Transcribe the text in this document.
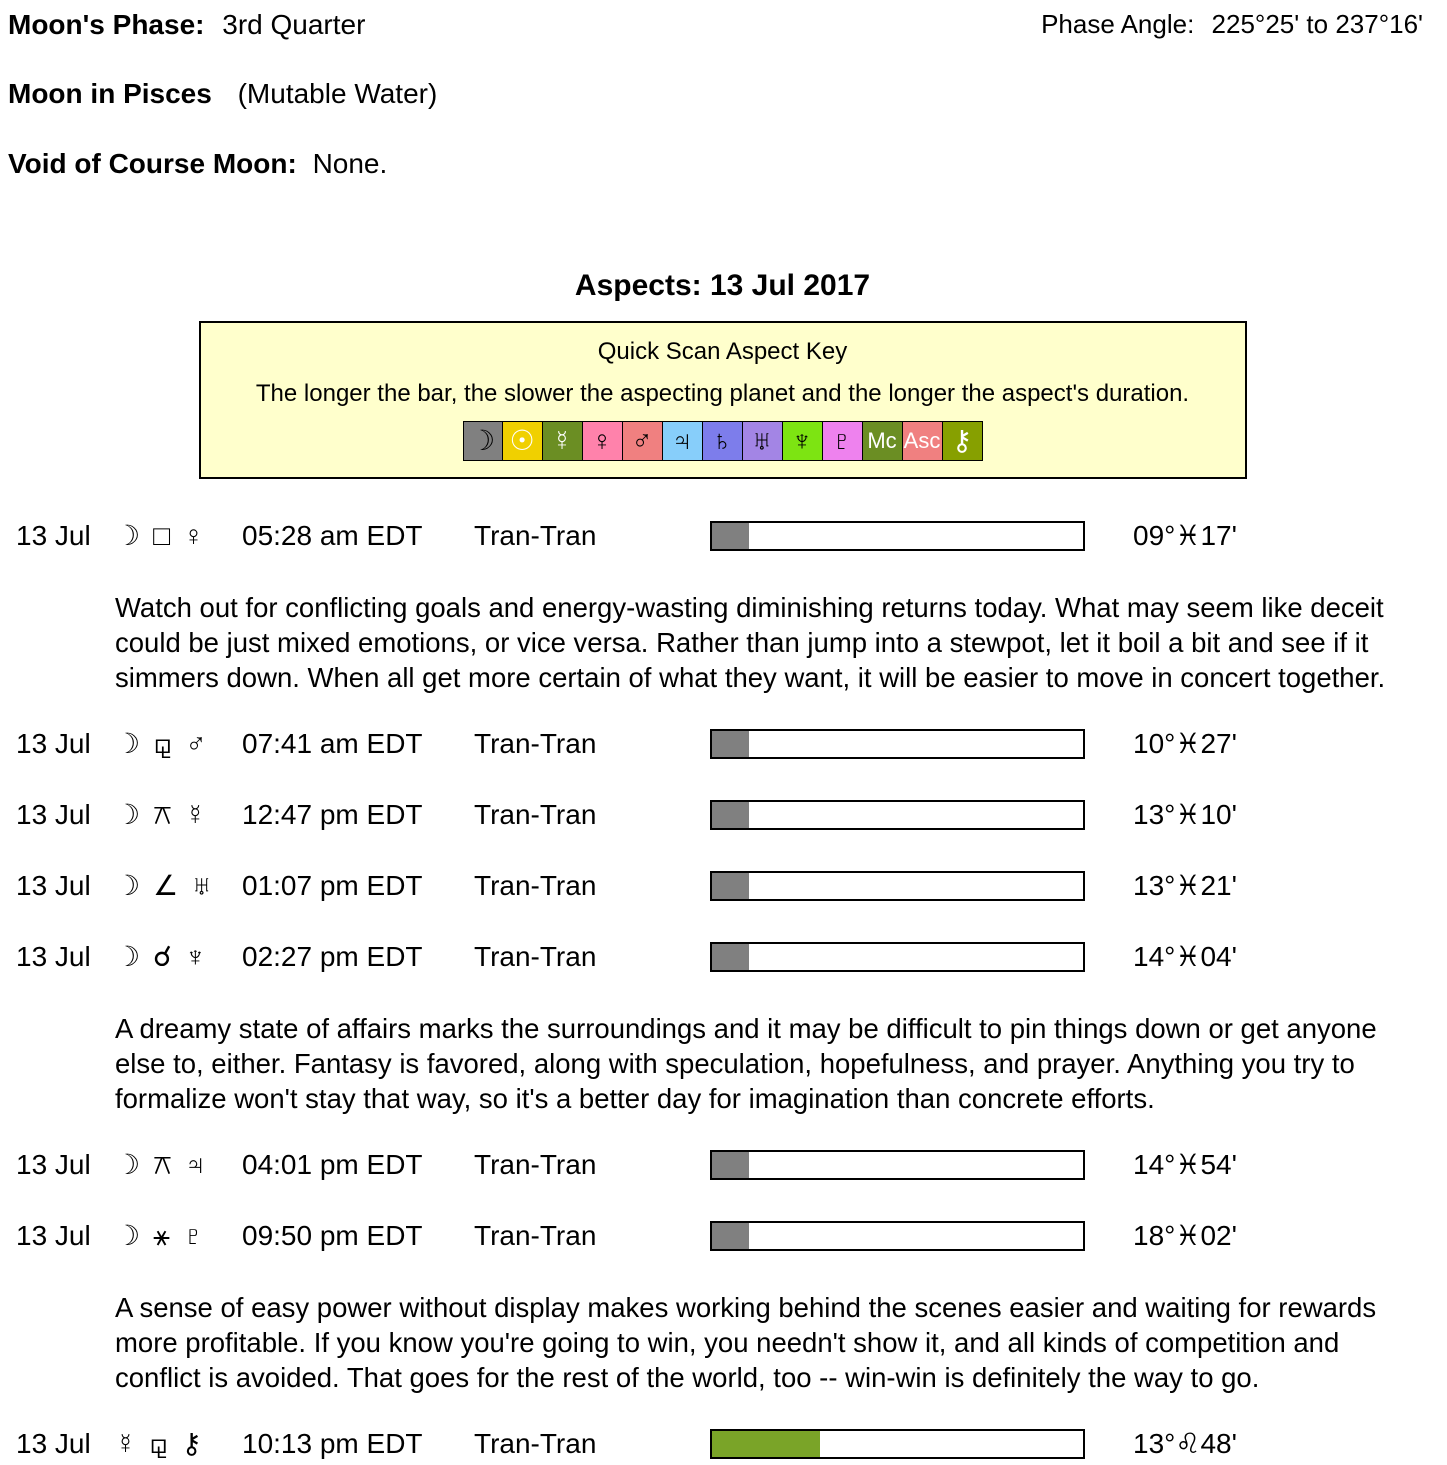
Moon's Phase: 3rd Quarter	Phase Angle: 225°25' to 237°16'
Moon in Pisces (Mutable Water)
Void of Course Moon: None.
Aspects: 13 Jul 2017
Quick Scan Aspect Key
The longer the bar, the slower the aspecting planet and the longer the aspect's duration.
☽ ☉ ☿ ♀ ♂ ♃ ♄ ♅ ♆ ♇ Mc Asc ⚷
13 Jul ☽ □ ♀ 05:28 am EDT	Tran-Tran	09°♓17'
Watch out for conflicting goals and energy-wasting diminishing returns today. What may seem like deceit could be just mixed emotions, or vice versa. Rather than jump into a stewpot, let it boil a bit and see if it simmers down. When all get more certain of what they want, it will be easier to move in concert together.
13 Jul ☽ ⚼ ♂ 07:41 am EDT	Tran-Tran	10°♓27'
13 Jul ☽ ⚻ ☿ 12:47 pm EDT	Tran-Tran	13°♓10'
13 Jul ☽ ∠ ♅ 01:07 pm EDT	Tran-Tran	13°♓21'
13 Jul ☽ ☌ ♆ 02:27 pm EDT	Tran-Tran	14°♓04'
A dreamy state of affairs marks the surroundings and it may be difficult to pin things down or get anyone else to, either. Fantasy is favored, along with speculation, hopefulness, and prayer. Anything you try to formalize won't stay that way, so it's a better day for imagination than concrete efforts.
13 Jul ☽ ⚻ ♃ 04:01 pm EDT	Tran-Tran	14°♓54'
13 Jul ☽ ⚹ ♇ 09:50 pm EDT	Tran-Tran	18°♓02'
A sense of easy power without display makes working behind the scenes easier and waiting for rewards more profitable. If you know you're going to win, you needn't show it, and all kinds of competition and conflict is avoided. That goes for the rest of the world, too -- win-win is definitely the way to go.
13 Jul ☿ ⚼ ⚷ 10:13 pm EDT	Tran-Tran	13°♌48'
